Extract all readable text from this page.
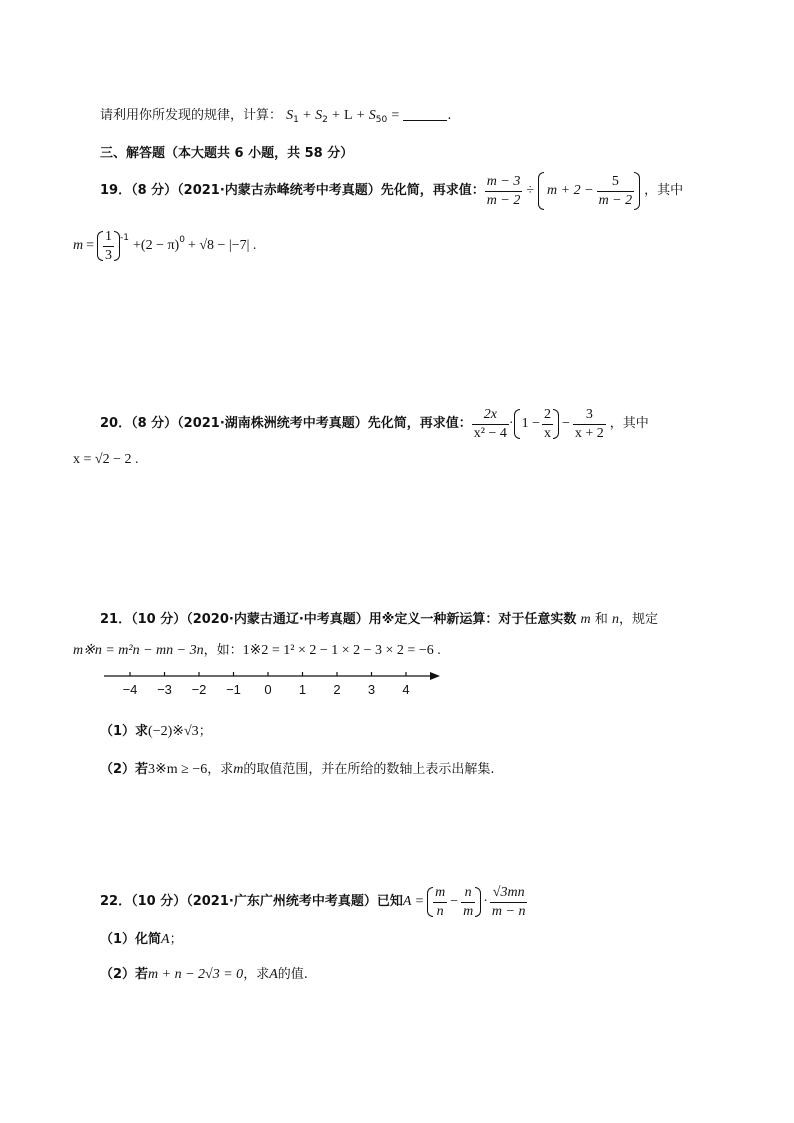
请利用你所发现的规律，计算： $S_1 + S_2 + L + S_{50}$ =	.
三、解答题（本大题共 6 小题，共 58 分）
19．（8 分）（2021·内蒙古赤峰统考中考真题）先化简，再求值： $\frac{m - 3}{m - 2} \div m + 2 - \frac{5}{m - 2}$ ，其中
$m = \frac{1}{3} -1 +(2 - \pi) 0 + √8 - |-7|$ .
20．（8 分）（2021·湖南株洲统考中考真题）先化简，再求值： $\frac{2x}{\text{x² − 4}} \cdot 1 - \frac{2}{x} - \frac{3}{x + 2}$ ，其中
x = √2 − 2 .
21．（10 分）（2020·内蒙古通辽·中考真题）用※定义一种新运算：对于任意实数 m 和 n，规定
m※n = m²n − mn − 3n，如：1※2 = 1² × 2 − 1 × 2 − 3 × 2 = −6 .
−4 −3 −2 −1 0 1 2 3 4
（1）求(−2)※√3；
（2）若3※m ≥ −6，求m的取值范围，并在所给的数轴上表示出解集.
22．（10 分）（2021·广东广州统考中考真题）已知 $A = \frac{m}{n} - \frac{n}{m} \cdot \frac{√3mn}{m - n}$
（1）化简A；
（2）若m + n − 2√3 = 0，求A的值.
